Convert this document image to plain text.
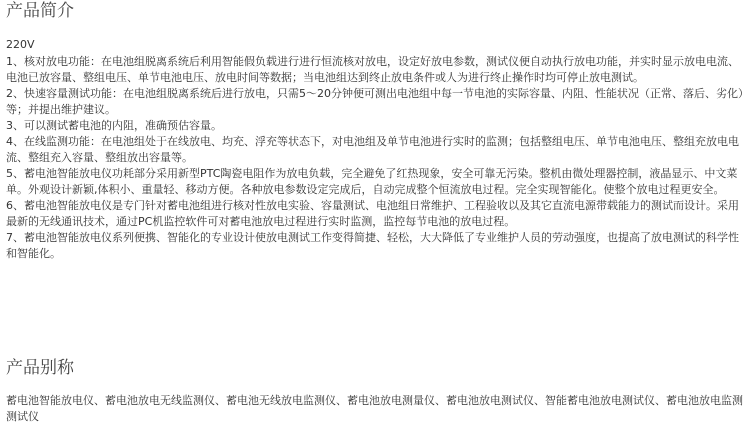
产品简介

220V

1、核对放电功能：在电池组脱离系统后利用智能假负载进行进行恒流核对放电，设定好放电参数，测试仪便自动执行放电功能，并实时显示放电电流、电池已放容量、整组电压、单节电池电压、放电时间等数据；当电池组达到终止放电条件或人为进行终止操作时均可停止放电测试。

2、快速容量测试功能：在电池组脱离系统后进行放电，只需5～20分钟便可测出电池组中每一节电池的实际容量、内阻、性能状况（正常、落后、劣化）等；并提出维护建议。

3、可以测试蓄电池的内阻，准确预估容量。

4、在线监测功能：在电池组处于在线放电、均充、浮充等状态下，对电池组及单节电池进行实时的监测；包括整组电压、单节电池电压、整组充放电电流、整组充入容量、整组放出容量等。

5、蓄电池智能放电仪功耗部分采用新型PTC陶瓷电阻作为放电负载，完全避免了红热现象，安全可靠无污染。整机由微处理器控制，液晶显示、中文菜单。外观设计新颖,体积小、重量轻、移动方便。各种放电参数设定完成后，自动完成整个恒流放电过程。完全实现智能化。使整个放电过程更安全。

6、蓄电池智能放电仪是专门针对蓄电池组进行核对性放电实验、容量测试、电池组日常维护、工程验收以及其它直流电源带载能力的测试而设计。采用最新的无线通讯技术，通过PC机监控软件可对蓄电池放电过程进行实时监测，监控每节电池的放电过程。

7、蓄电池智能放电仪系列便携、智能化的专业设计使放电测试工作变得简捷、轻松，大大降低了专业维护人员的劳动强度，也提高了放电测试的科学性和智能化。

产品别称

蓄电池智能放电仪、蓄电池放电无线监测仪、蓄电池无线放电监测仪、蓄电池放电测量仪、蓄电池放电测试仪、智能蓄电池放电测试仪、蓄电池放电监测测试仪
